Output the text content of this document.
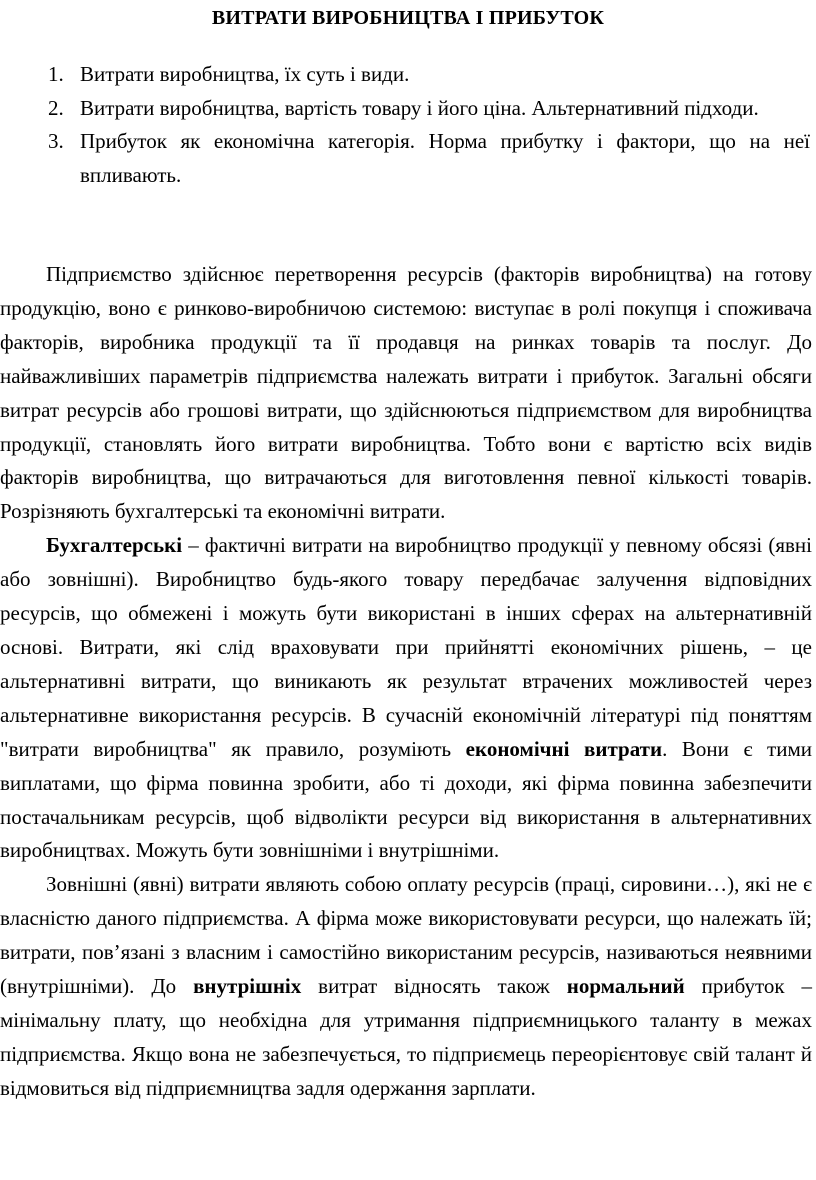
ВИТРАТИ ВИРОБНИЦТВА І ПРИБУТОК
1. Витрати виробництва, їх суть і види.
2. Витрати виробництва, вартість товару і його ціна. Альтернативний підходи.
3. Прибуток як економічна категорія. Норма прибутку і фактори, що на неї впливають.

Підприємство здійснює перетворення ресурсів (факторів виробництва) на готову продукцію, воно є ринково-виробничою системою: виступає в ролі покупця і споживача факторів, виробника продукції та її продавця на ринках товарів та послуг. До найважливіших параметрів підприємства належать витрати і прибуток. Загальні обсяги витрат ресурсів або грошові витрати, що здійснюються підприємством для виробництва продукції, становлять його витрати виробництва. Тобто вони є вартістю всіх видів факторів виробництва, що витрачаються для виготовлення певної кількості товарів. Розрізняють бухгалтерські та економічні витрати.

Бухгалтерські – фактичні витрати на виробництво продукції у певному обсязі (явні або зовнішні). Виробництво будь-якого товару передбачає залучення відповідних ресурсів, що обмежені і можуть бути використані в інших сферах на альтернативній основі. Витрати, які слід враховувати при прийнятті економічних рішень, – це альтернативні витрати, що виникають як результат втрачених можливостей через альтернативне використання ресурсів. В сучасній економічній літературі під поняттям "витрати виробництва" як правило, розуміють економічні витрати. Вони є тими виплатами, що фірма повинна зробити, або ті доходи, які фірма повинна забезпечити постачальникам ресурсів, щоб відволікти ресурси від використання в альтернативних виробництвах. Можуть бути зовнішніми і внутрішніми.

Зовнішні (явні) витрати являють собою оплату ресурсів (праці, сировини…), які не є власністю даного підприємства. А фірма може використовувати ресурси, що належать їй; витрати, пов’язані з власним і самостійно використаним ресурсів, називаються неявними (внутрішніми). До внутрішніх витрат відносять також нормальний прибуток – мінімальну плату, що необхідна для утримання підприємницького таланту в межах підприємства. Якщо вона не забезпечується, то підприємець переорієнтовує свій талант й відмовиться від підприємництва задля одержання зарплати.
